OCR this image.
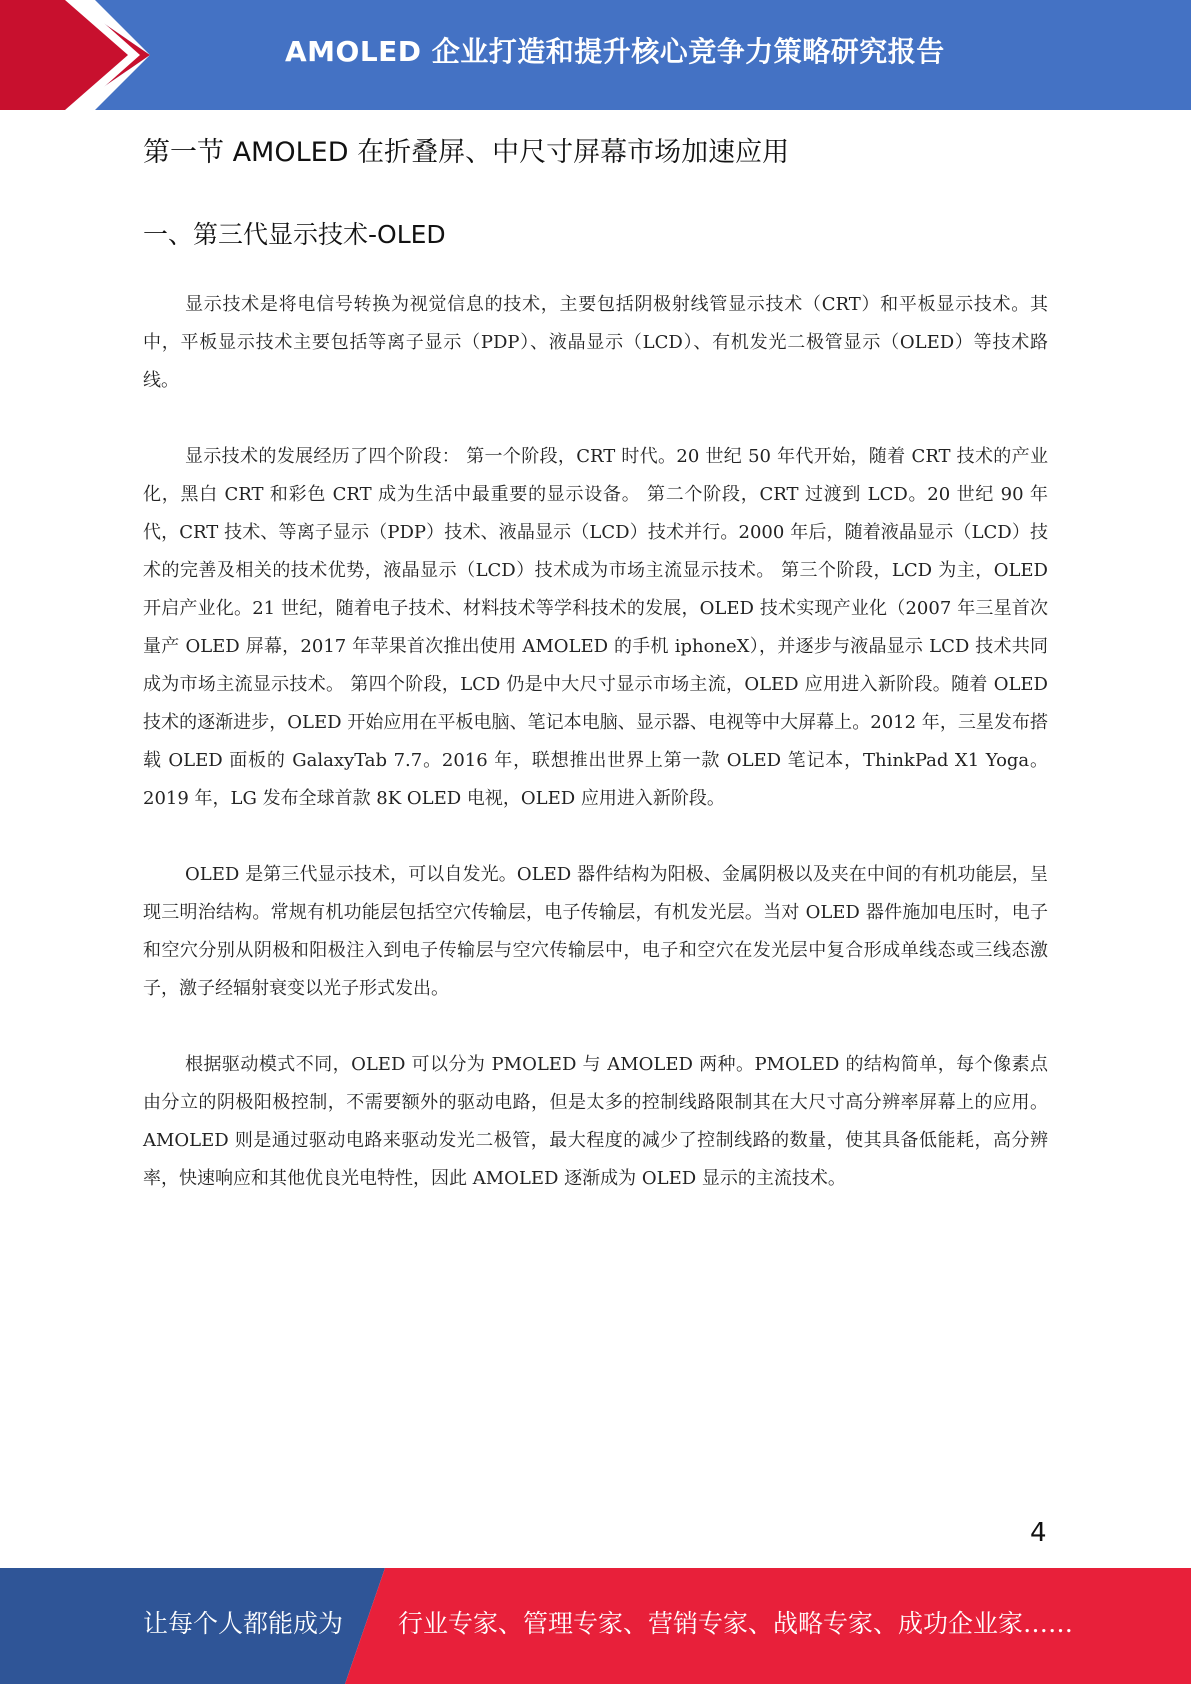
AMOLED 企业打造和提升核心竞争力策略研究报告
第一节 AMOLED 在折叠屏、中尺寸屏幕市场加速应用
一、第三代显示技术-OLED

显示技术是将电信号转换为视觉信息的技术，主要包括阴极射线管显示技术（CRT）和平板显示技术。其中，平板显示技术主要包括等离子显示（PDP）、液晶显示（LCD）、有机发光二极管显示（OLED）等技术路线。

显示技术的发展经历了四个阶段： 第一个阶段，CRT 时代。20 世纪 50 年代开始，随着 CRT 技术的产业化，黑白 CRT 和彩色 CRT 成为生活中最重要的显示设备。 第二个阶段，CRT 过渡到 LCD。20 世纪 90 年代，CRT 技术、等离子显示（PDP）技术、液晶显示（LCD）技术并行。2000 年后，随着液晶显示（LCD）技术的完善及相关的技术优势，液晶显示（LCD）技术成为市场主流显示技术。 第三个阶段，LCD 为主，OLED 开启产业化。21 世纪，随着电子技术、材料技术等学科技术的发展，OLED 技术实现产业化（2007 年三星首次量产 OLED 屏幕，2017 年苹果首次推出使用 AMOLED 的手机 iphoneX），并逐步与液晶显示 LCD 技术共同成为市场主流显示技术。 第四个阶段，LCD 仍是中大尺寸显示市场主流，OLED 应用进入新阶段。随着 OLED 技术的逐渐进步，OLED 开始应用在平板电脑、笔记本电脑、显示器、电视等中大屏幕上。2012 年，三星发布搭载 OLED 面板的 GalaxyTab 7.7。2016 年，联想推出世界上第一款 OLED 笔记本，ThinkPad X1 Yoga。2019 年，LG 发布全球首款 8K OLED 电视，OLED 应用进入新阶段。

OLED 是第三代显示技术，可以自发光。OLED 器件结构为阳极、金属阴极以及夹在中间的有机功能层，呈现三明治结构。常规有机功能层包括空穴传输层，电子传输层，有机发光层。当对 OLED 器件施加电压时，电子和空穴分别从阴极和阳极注入到电子传输层与空穴传输层中，电子和空穴在发光层中复合形成单线态或三线态激子，激子经辐射衰变以光子形式发出。

根据驱动模式不同，OLED 可以分为 PMOLED 与 AMOLED 两种。PMOLED 的结构简单，每个像素点由分立的阴极阳极控制，不需要额外的驱动电路，但是太多的控制线路限制其在大尺寸高分辨率屏幕上的应用。AMOLED 则是通过驱动电路来驱动发光二极管，最大程度的减少了控制线路的数量，使其具备低能耗，高分辨率，快速响应和其他优良光电特性，因此 AMOLED 逐渐成为 OLED 显示的主流技术。

4
让每个人都能成为 行业专家、管理专家、营销专家、战略专家、成功企业家……
